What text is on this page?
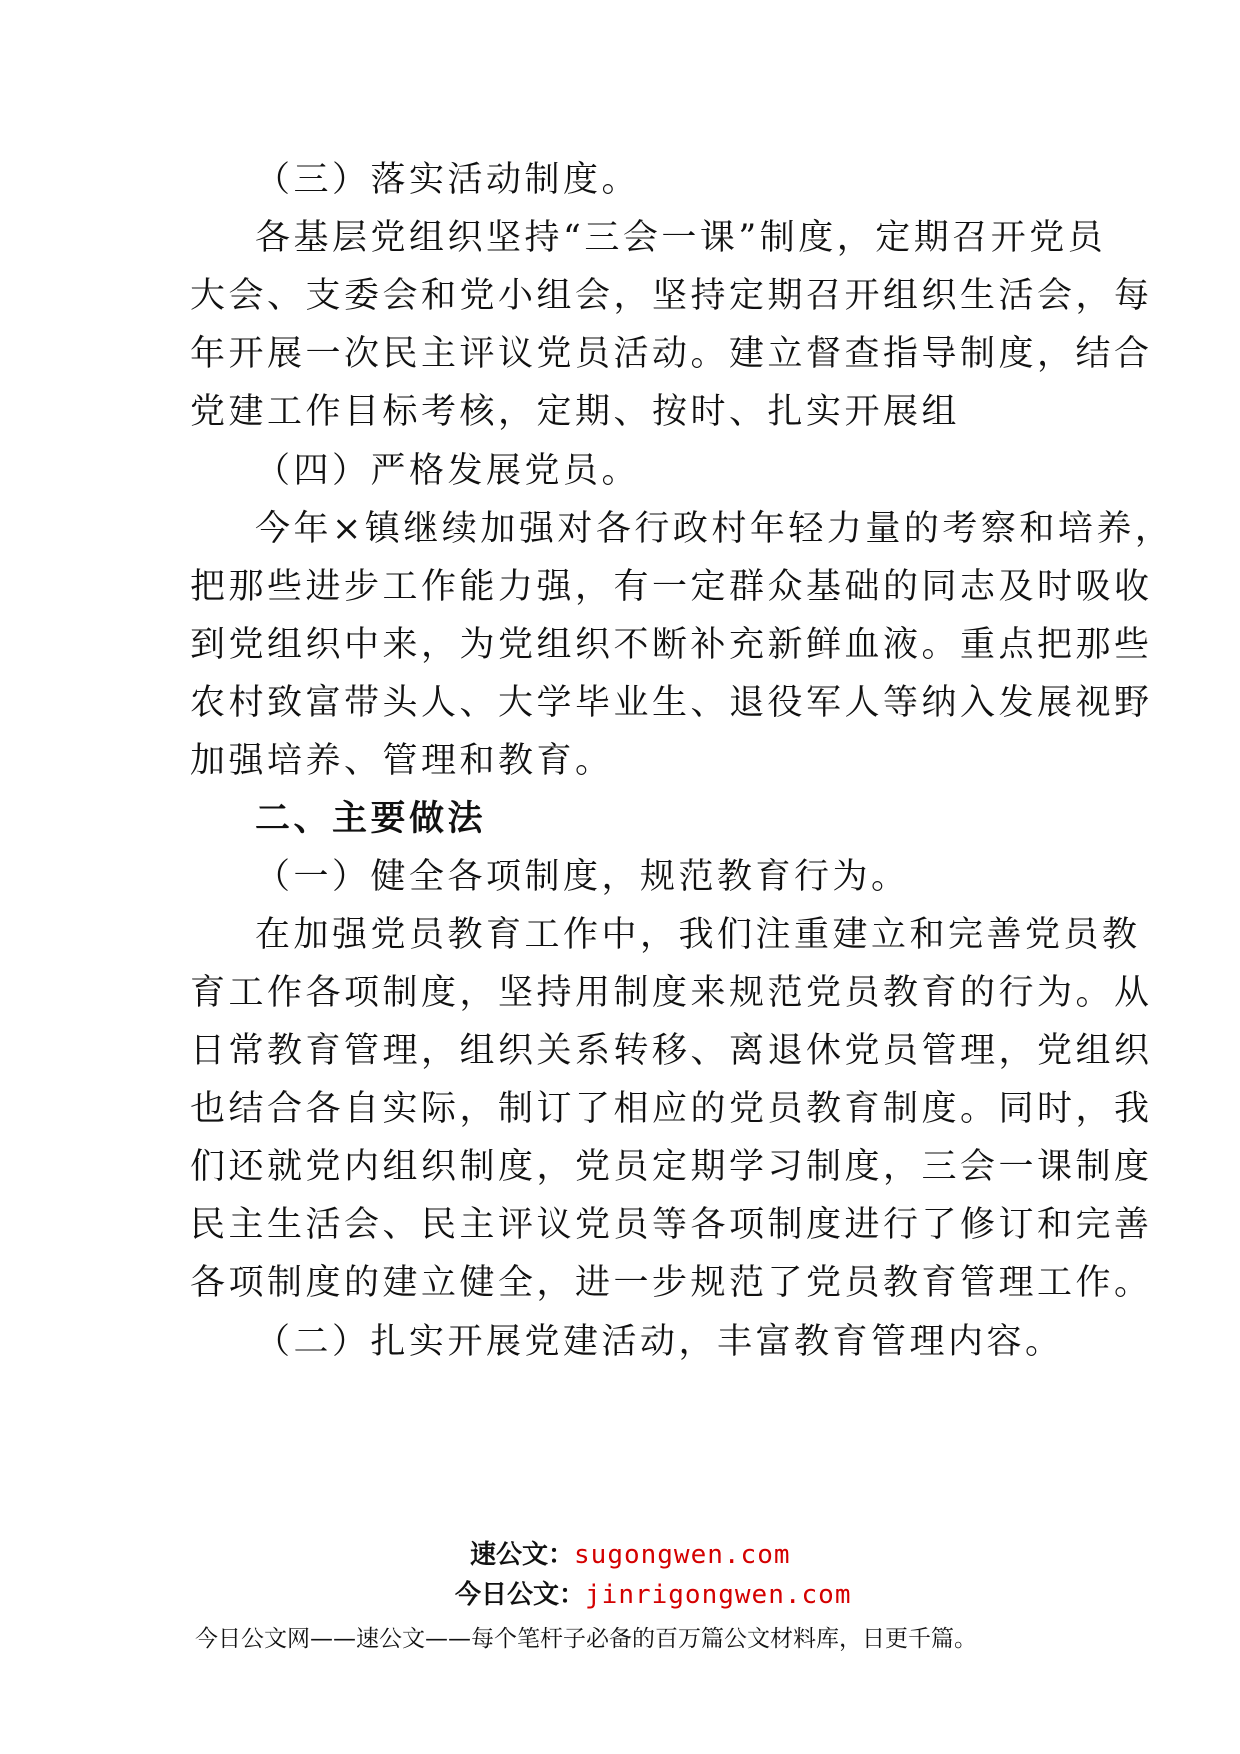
（三）落实活动制度。
各基层党组织坚持“三会一课”制度，定期召开党员
大会、支委会和党小组会，坚持定期召开组织生活会，每
年开展一次民主评议党员活动。建立督查指导制度，结合
党建工作目标考核，定期、按时、扎实开展组
（四）严格发展党员。
今年×镇继续加强对各行政村年轻力量的考察和培养，
把那些进步工作能力强，有一定群众基础的同志及时吸收
到党组织中来，为党组织不断补充新鲜血液。重点把那些
农村致富带头人、大学毕业生、退役军人等纳入发展视野
加强培养、管理和教育。
二、主要做法
（一）健全各项制度，规范教育行为。
在加强党员教育工作中，我们注重建立和完善党员教
育工作各项制度，坚持用制度来规范党员教育的行为。从
日常教育管理，组织关系转移、离退休党员管理，党组织
也结合各自实际，制订了相应的党员教育制度。同时，我
们还就党内组织制度，党员定期学习制度，三会一课制度
民主生活会、民主评议党员等各项制度进行了修订和完善
各项制度的建立健全，进一步规范了党员教育管理工作。
（二）扎实开展党建活动，丰富教育管理内容。
速公文：sugongwen.com
今日公文：jinrigongwen.com
今日公文网——速公文——每个笔杆子必备的百万篇公文材料库，日更千篇。
